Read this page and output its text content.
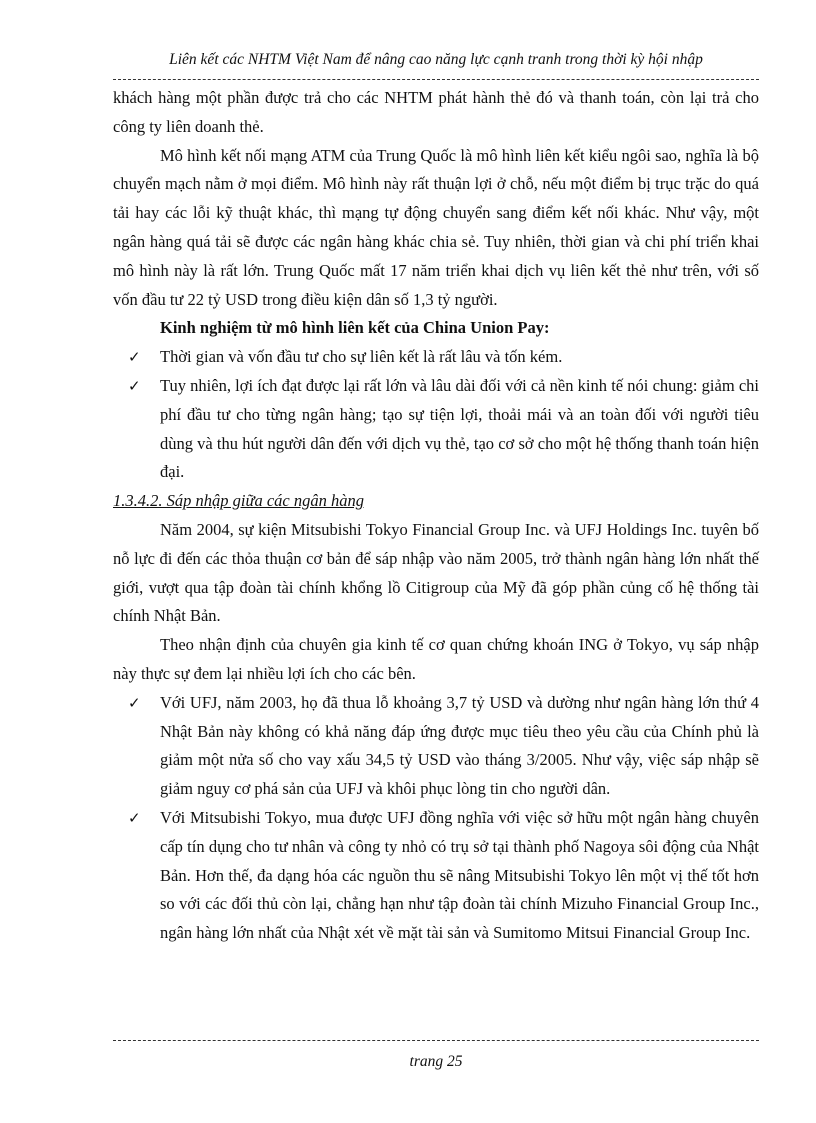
Liên kết các NHTM Việt Nam để nâng cao năng lực cạnh tranh trong thời kỳ hội nhập

khách hàng một phần được trả cho các NHTM phát hành thẻ đó và thanh toán, còn lại trả cho công ty liên doanh thẻ.

Mô hình kết nối mạng ATM của Trung Quốc là mô hình liên kết kiểu ngôi sao, nghĩa là bộ chuyển mạch nằm ở mọi điểm. Mô hình này rất thuận lợi ở chỗ, nếu một điểm bị trục trặc do quá tải hay các lỗi kỹ thuật khác, thì mạng tự động chuyển sang điểm kết nối khác. Như vậy, một ngân hàng quá tải sẽ được các ngân hàng khác chia sẻ. Tuy nhiên, thời gian và chi phí triển khai mô hình này là rất lớn. Trung Quốc mất 17 năm triển khai dịch vụ liên kết thẻ như trên, với số vốn đầu tư 22 tỷ USD trong điều kiện dân số 1,3 tỷ người.

Kinh nghiệm từ mô hình liên kết của China Union Pay:

✓ Thời gian và vốn đầu tư cho sự liên kết là rất lâu và tốn kém.
✓ Tuy nhiên, lợi ích đạt được lại rất lớn và lâu dài đối với cả nền kinh tế nói chung: giảm chi phí đầu tư cho từng ngân hàng; tạo sự tiện lợi, thoải mái và an toàn đối với người tiêu dùng và thu hút người dân đến với dịch vụ thẻ, tạo cơ sở cho một hệ thống thanh toán hiện đại.

1.3.4.2. Sáp nhập giữa các ngân hàng

Năm 2004, sự kiện Mitsubishi Tokyo Financial Group Inc. và UFJ Holdings Inc. tuyên bố nỗ lực đi đến các thỏa thuận cơ bản để sáp nhập vào năm 2005, trở thành ngân hàng lớn nhất thế giới, vượt qua tập đoàn tài chính khổng lồ Citigroup của Mỹ đã góp phần củng cố hệ thống tài chính Nhật Bản.

Theo nhận định của chuyên gia kinh tế cơ quan chứng khoán ING ở Tokyo, vụ sáp nhập này thực sự đem lại nhiều lợi ích cho các bên.

✓ Với UFJ, năm 2003, họ đã thua lỗ khoảng 3,7 tỷ USD và dường như ngân hàng lớn thứ 4 Nhật Bản này không có khả năng đáp ứng được mục tiêu theo yêu cầu của Chính phủ là giảm một nửa số cho vay xấu 34,5 tỷ USD vào tháng 3/2005. Như vậy, việc sáp nhập sẽ giảm nguy cơ phá sản của UFJ và khôi phục lòng tin cho người dân.
✓ Với Mitsubishi Tokyo, mua được UFJ đồng nghĩa với việc sở hữu một ngân hàng chuyên cấp tín dụng cho tư nhân và công ty nhỏ có trụ sở tại thành phố Nagoya sôi động của Nhật Bản. Hơn thế, đa dạng hóa các nguồn thu sẽ nâng Mitsubishi Tokyo lên một vị thế tốt hơn so với các đối thủ còn lại, chẳng hạn như tập đoàn tài chính Mizuho Financial Group Inc., ngân hàng lớn nhất của Nhật xét về mặt tài sản và Sumitomo Mitsui Financial Group Inc.
trang 25
